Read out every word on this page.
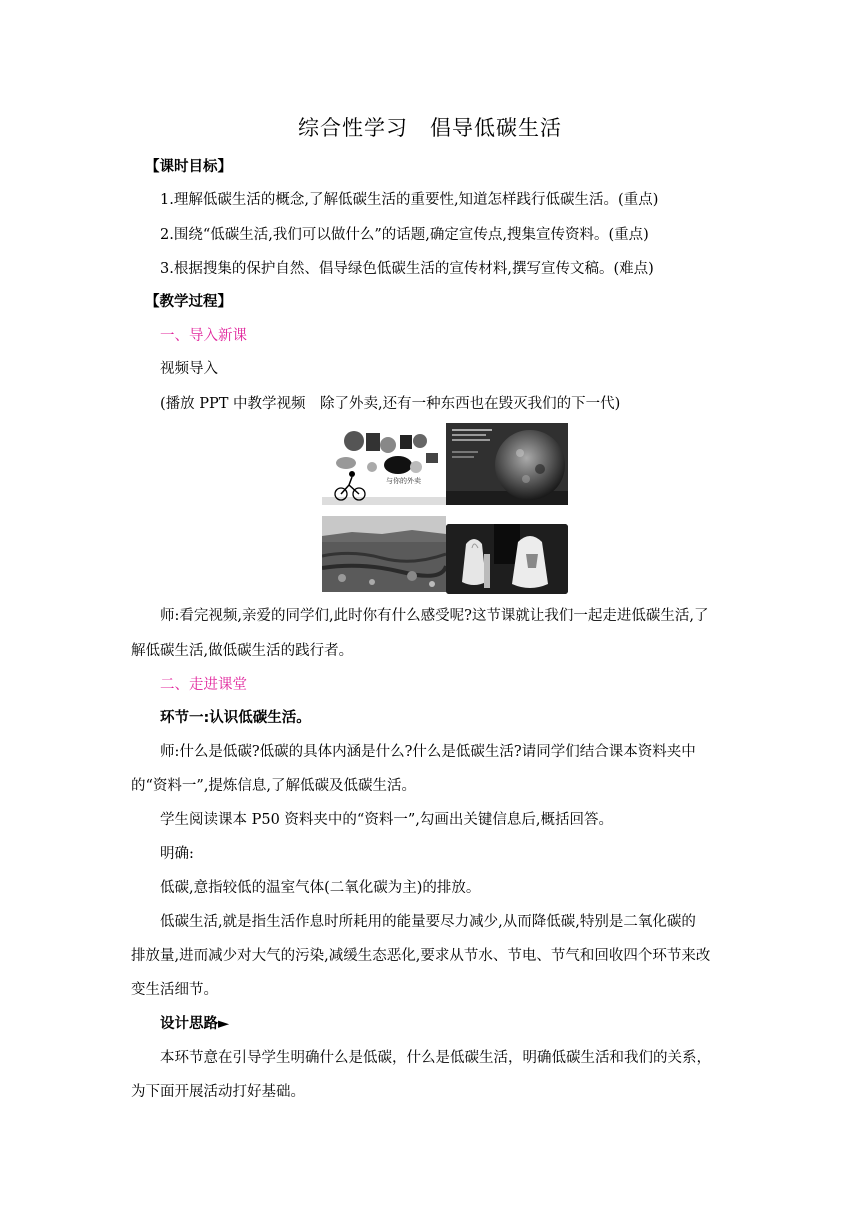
综合性学习　倡导低碳生活
【课时目标】
1.理解低碳生活的概念,了解低碳生活的重要性,知道怎样践行低碳生活。(重点)
2.围绕“低碳生活,我们可以做什么”的话题,确定宣传点,搜集宣传资料。(重点)
3.根据搜集的保护自然、倡导绿色低碳生活的宣传材料,撰写宣传文稿。(难点)
【教学过程】
一、导入新课
视频导入
(播放 PPT 中教学视频　除了外卖,还有一种东西也在毁灭我们的下一代)
与你的外卖
师:看完视频,亲爱的同学们,此时你有什么感受呢?这节课就让我们一起走进低碳生活,了
解低碳生活,做低碳生活的践行者。
二、走进课堂
环节一:认识低碳生活。
师:什么是低碳?低碳的具体内涵是什么?什么是低碳生活?请同学们结合课本资料夹中
的“资料一”,提炼信息,了解低碳及低碳生活。
学生阅读课本 P50 资料夹中的“资料一”,勾画出关键信息后,概括回答。
明确:
低碳,意指较低的温室气体(二氧化碳为主)的排放。
低碳生活,就是指生活作息时所耗用的能量要尽力减少,从而降低碳,特别是二氧化碳的
排放量,进而减少对大气的污染,减缓生态恶化,要求从节水、节电、节气和回收四个环节来改
变生活细节。
设计思路►
本环节意在引导学生明确什么是低碳，什么是低碳生活，明确低碳生活和我们的关系，
为下面开展活动打好基础。
